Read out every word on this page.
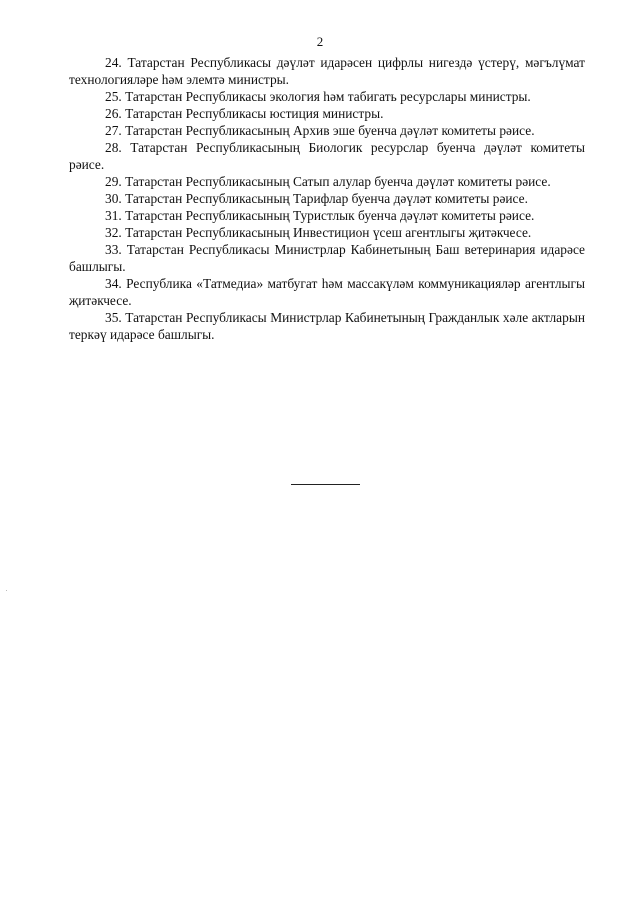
2

24. Татарстан Республикасы дәүләт идарәсен цифрлы нигездә үстерү, мәгълүмат технологияләре һәм элемтә министры.

25. Татарстан Республикасы экология һәм табигать ресурслары министры.

26. Татарстан Республикасы юстиция министры.

27. Татарстан Республикасының Архив эше буенча дәүләт комитеты рәисе.

28. Татарстан Республикасының Биологик ресурслар буенча дәүләт комитеты рәисе.

29. Татарстан Республикасының Сатып алулар буенча дәүләт комитеты рәисе.

30. Татарстан Республикасының Тарифлар буенча дәүләт комитеты рәисе.

31. Татарстан Республикасының Туристлык буенча дәүләт комитеты рәисе.

32. Татарстан Республикасының Инвестицион үсеш агентлыгы җитәкчесе.

33. Татарстан Республикасы Министрлар Кабинетының Баш ветеринария идарәсе башлыгы.

34. Республика «Татмедиа» матбугат һәм массакүләм коммуникацияләр агентлыгы җитәкчесе.

35. Татарстан Республикасы Министрлар Кабинетының Гражданлык хәле актларын теркәү идарәсе башлыгы.
